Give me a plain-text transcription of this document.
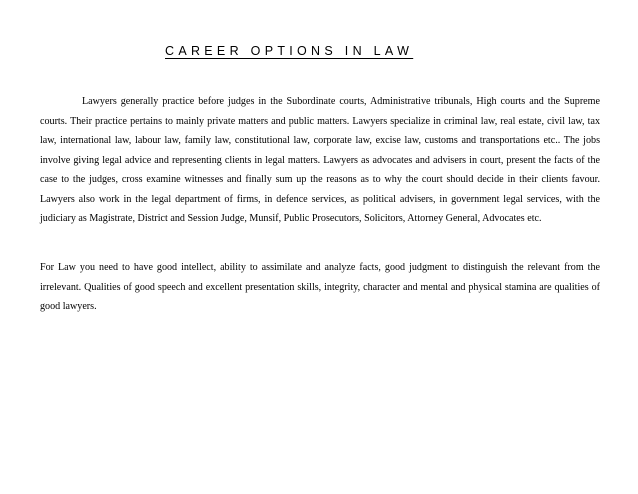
CAREER OPTIONS IN LAW

Lawyers generally practice before judges in the Subordinate courts, Administrative tribunals, High courts and the Supreme courts. Their practice pertains to mainly private matters and public matters. Lawyers specialize in criminal law, real estate, civil law, tax law, international law, labour law, family law, constitutional law, corporate law, excise law, customs and transportations etc.. The jobs involve giving legal advice and representing clients in legal matters. Lawyers as advocates and advisers in court, present the facts of the case to the judges, cross examine witnesses and finally sum up the reasons as to why the court should decide in their clients favour. Lawyers also work in the legal department of firms, in defence services, as political advisers, in government legal services, with the judiciary as Magistrate, District and Session Judge, Munsif, Public Prosecutors, Solicitors, Attorney General, Advocates etc.

For Law you need to have good intellect, ability to assimilate and analyze facts, good judgment to distinguish the relevant from the irrelevant. Qualities of good speech and excellent presentation skills, integrity, character and mental and physical stamina are qualities of good lawyers.
